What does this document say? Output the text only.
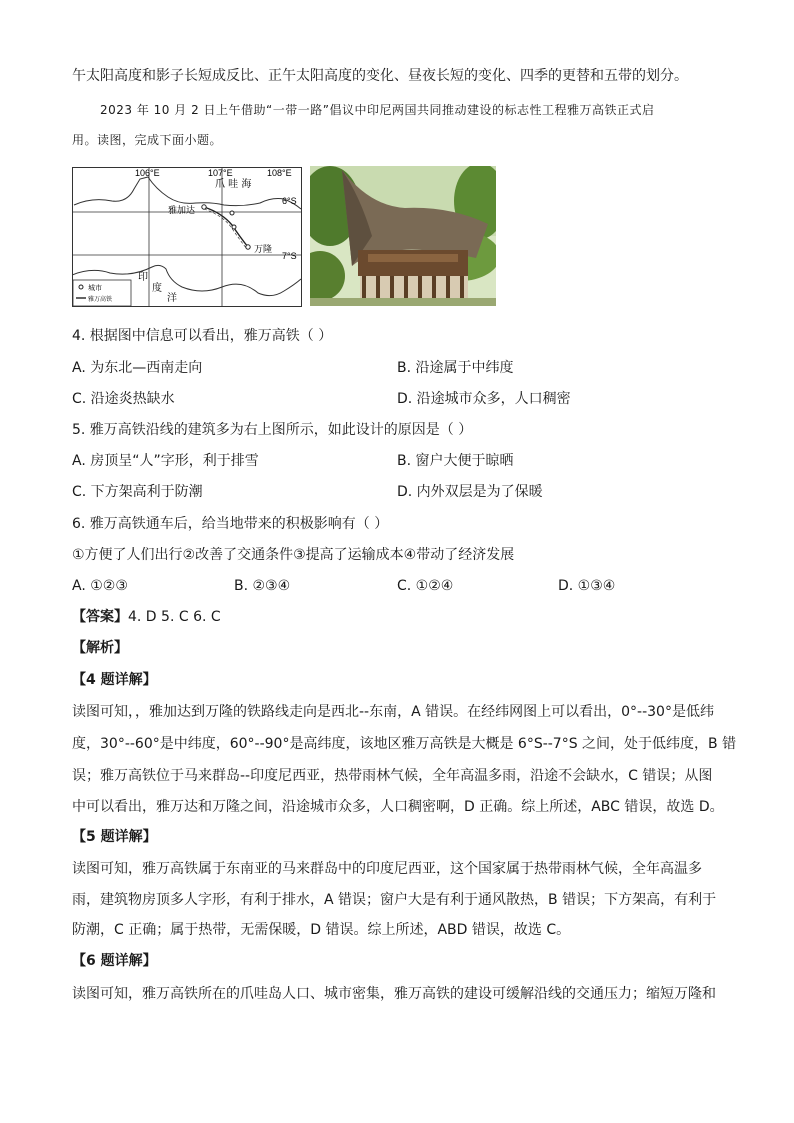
午太阳高度和影子长短成反比、正午太阳高度的变化、昼夜长短的变化、四季的更替和五带的划分。
2023 年 10 月 2 日上午借助“一带一路”倡议中印尼两国共同推动建设的标志性工程雅万高铁正式启
用。读图，完成下面小题。
106°E	107°E	108°E
6°S
7°S
爪 哇 海
雅加达
万隆
印
度
洋
城市
雅万高铁
4. 根据图中信息可以看出，雅万高铁（ ）
A. 为东北—西南走向	B. 沿途属于中纬度
C. 沿途炎热缺水	D. 沿途城市众多，人口稠密
5. 雅万高铁沿线的建筑多为右上图所示，如此设计的原因是（ ）
A. 房顶呈“人”字形，利于排雪	B. 窗户大便于晾晒
C. 下方架高利于防潮	D. 内外双层是为了保暖
6. 雅万高铁通车后，给当地带来的积极影响有（ ）
①方便了人们出行②改善了交通条件③提高了运输成本④带动了经济发展
A. ①②③	B. ②③④	C. ①②④	D. ①③④
【答案】4. D 5. C 6. C
【解析】
【4 题详解】
读图可知，，雅加达到万隆的铁路线走向是西北--东南，A 错误。在经纬网图上可以看出，0°--30°是低纬
度，30°--60°是中纬度，60°--90°是高纬度，该地区雅万高铁是大概是 6°S--7°S 之间，处于低纬度，B 错
误；雅万高铁位于马来群岛--印度尼西亚，热带雨林气候，全年高温多雨，沿途不会缺水，C 错误；从图
中可以看出，雅万达和万隆之间，沿途城市众多，人口稠密啊，D 正确。综上所述，ABC 错误，故选 D。
【5 题详解】
读图可知，雅万高铁属于东南亚的马来群岛中的印度尼西亚，这个国家属于热带雨林气候，全年高温多
雨，建筑物房顶多人字形，有利于排水，A 错误；窗户大是有利于通风散热，B 错误；下方架高，有利于
防潮，C 正确；属于热带，无需保暖，D 错误。综上所述，ABD 错误，故选 C。
【6 题详解】
读图可知，雅万高铁所在的爪哇岛人口、城市密集，雅万高铁的建设可缓解沿线的交通压力；缩短万隆和
